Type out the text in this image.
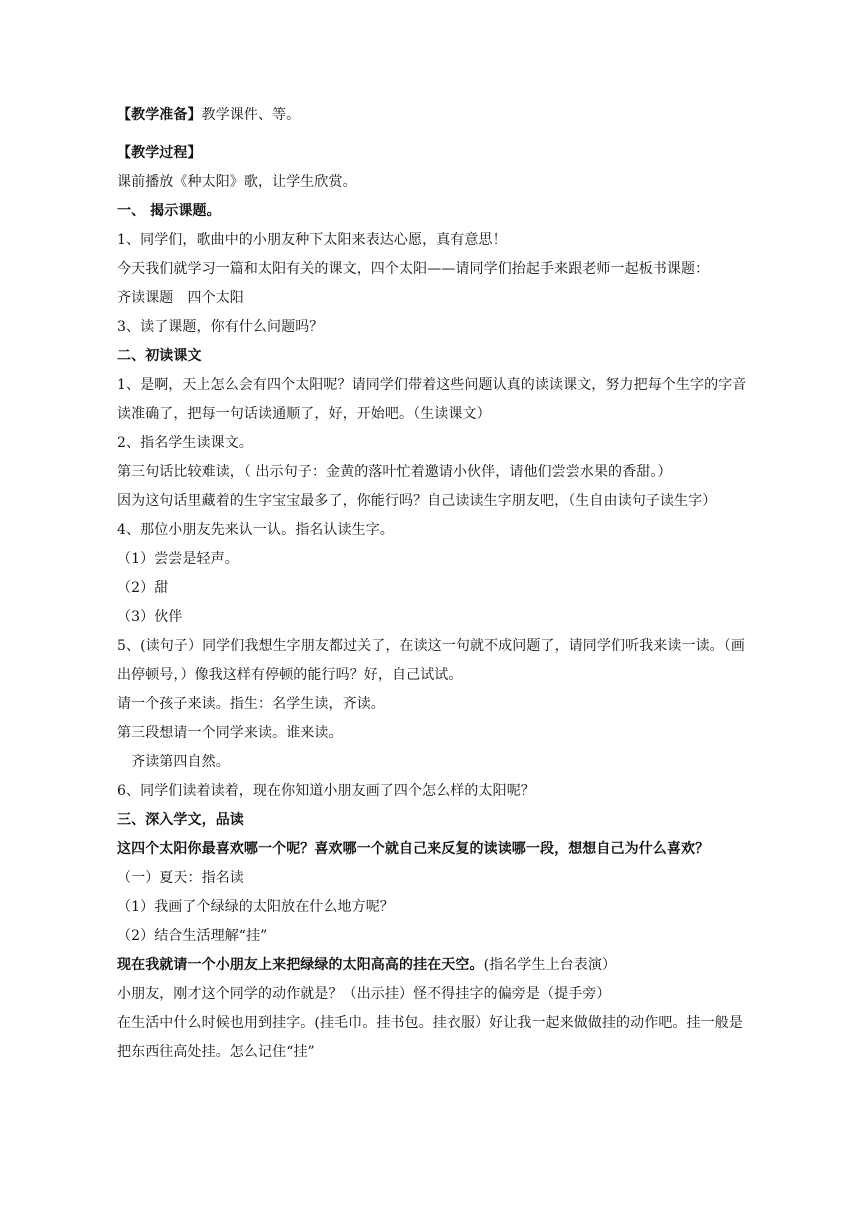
【教学准备】教学课件、等。
【教学过程】
课前播放《种太阳》歌，让学生欣赏。
一、 揭示课题。
1、同学们，歌曲中的小朋友种下太阳来表达心愿，真有意思！
今天我们就学习一篇和太阳有关的课文，四个太阳——请同学们抬起手来跟老师一起板书课题：
齐读课题　四个太阳
3、读了课题，你有什么问题吗？
二、初读课文
1、是啊，天上怎么会有四个太阳呢？请同学们带着这些问题认真的读读课文，努力把每个生字的字音读准确了，把每一句话读通顺了，好，开始吧。（生读课文）
2、指名学生读课文。
第三句话比较难读，（ 出示句子：金黄的落叶忙着邀请小伙伴，请他们尝尝水果的香甜。）
因为这句话里藏着的生字宝宝最多了，你能行吗？自己读读生字朋友吧，（生自由读句子读生字）
4、那位小朋友先来认一认。指名认读生字。
（1）尝尝是轻声。
（2）甜
（3）伙伴
5、(读句子）同学们我想生字朋友都过关了，在读这一句就不成问题了，请同学们听我来读一读。（画出停顿号，）像我这样有停顿的能行吗？好，自己试试。
请一个孩子来读。指生：名学生读，齐读。
第三段想请一个同学来读。谁来读。
　齐读第四自然。
6、同学们读着读着，现在你知道小朋友画了四个怎么样的太阳呢？
三、深入学文，品读
这四个太阳你最喜欢哪一个呢？喜欢哪一个就自己来反复的读读哪一段，想想自己为什么喜欢？
（一）夏天：指名读
（1）我画了个绿绿的太阳放在什么地方呢？
（2）结合生活理解“挂”
现在我就请一个小朋友上来把绿绿的太阳高高的挂在天空。(指名学生上台表演）
小朋友，刚才这个同学的动作就是？（出示挂）怪不得挂字的偏旁是（提手旁）
在生活中什么时候也用到挂字。(挂毛巾。挂书包。挂衣服）好让我一起来做做挂的动作吧。挂一般是把东西往高处挂。怎么记住“挂”
